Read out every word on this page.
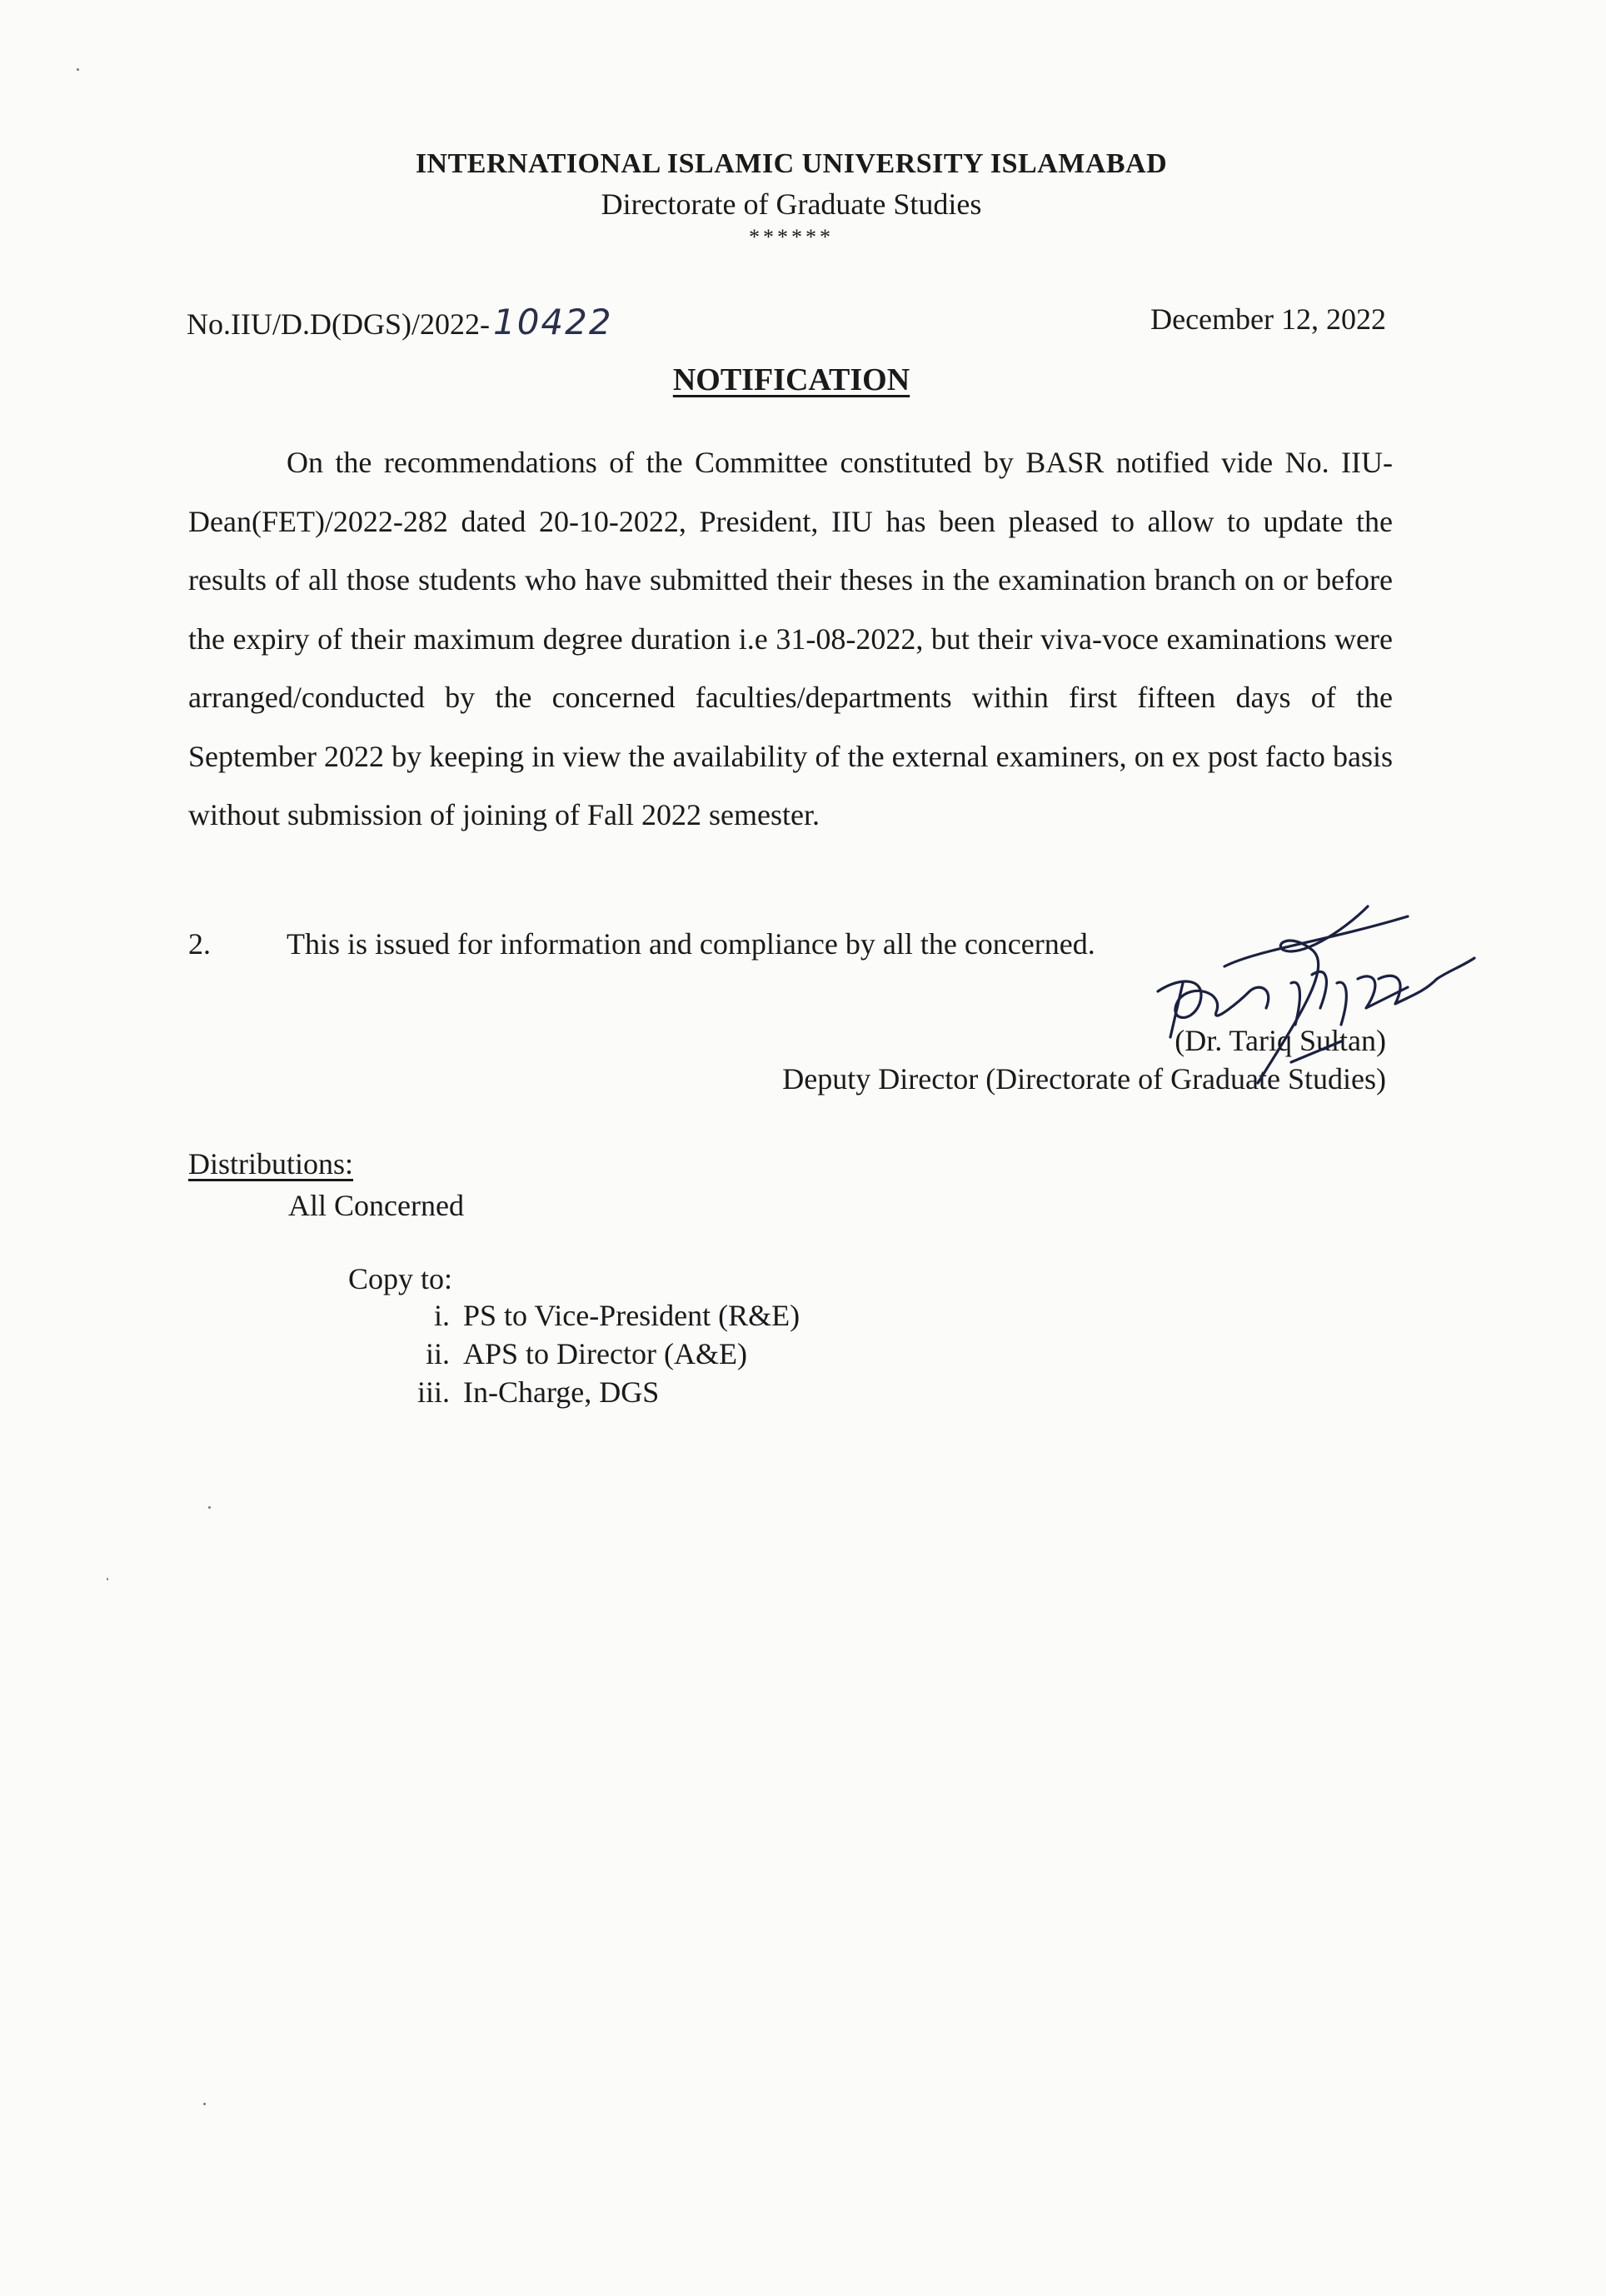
INTERNATIONAL ISLAMIC UNIVERSITY ISLAMABAD
Directorate of Graduate Studies
******
No.IIU/D.D(DGS)/2022-10422	December 12, 2022
NOTIFICATION

On the recommendations of the Committee constituted by BASR notified vide No. IIU-Dean(FET)/2022-282 dated 20-10-2022, President, IIU has been pleased to allow to update the results of all those students who have submitted their theses in the examination branch on or before the expiry of their maximum degree duration i.e 31-08-2022, but their viva-voce examinations were arranged/conducted by the concerned faculties/departments within first fifteen days of the September 2022 by keeping in view the availability of the external examiners, on ex post facto basis without submission of joining of Fall 2022 semester.

2.	This is issued for information and compliance by all the concerned.
(Dr. Tariq Sultan)
Deputy Director (Directorate of Graduate Studies)
Distributions:
All Concerned
Copy to:
i. PS to Vice-President (R&E)
ii. APS to Director (A&E)
iii. In-Charge, DGS
